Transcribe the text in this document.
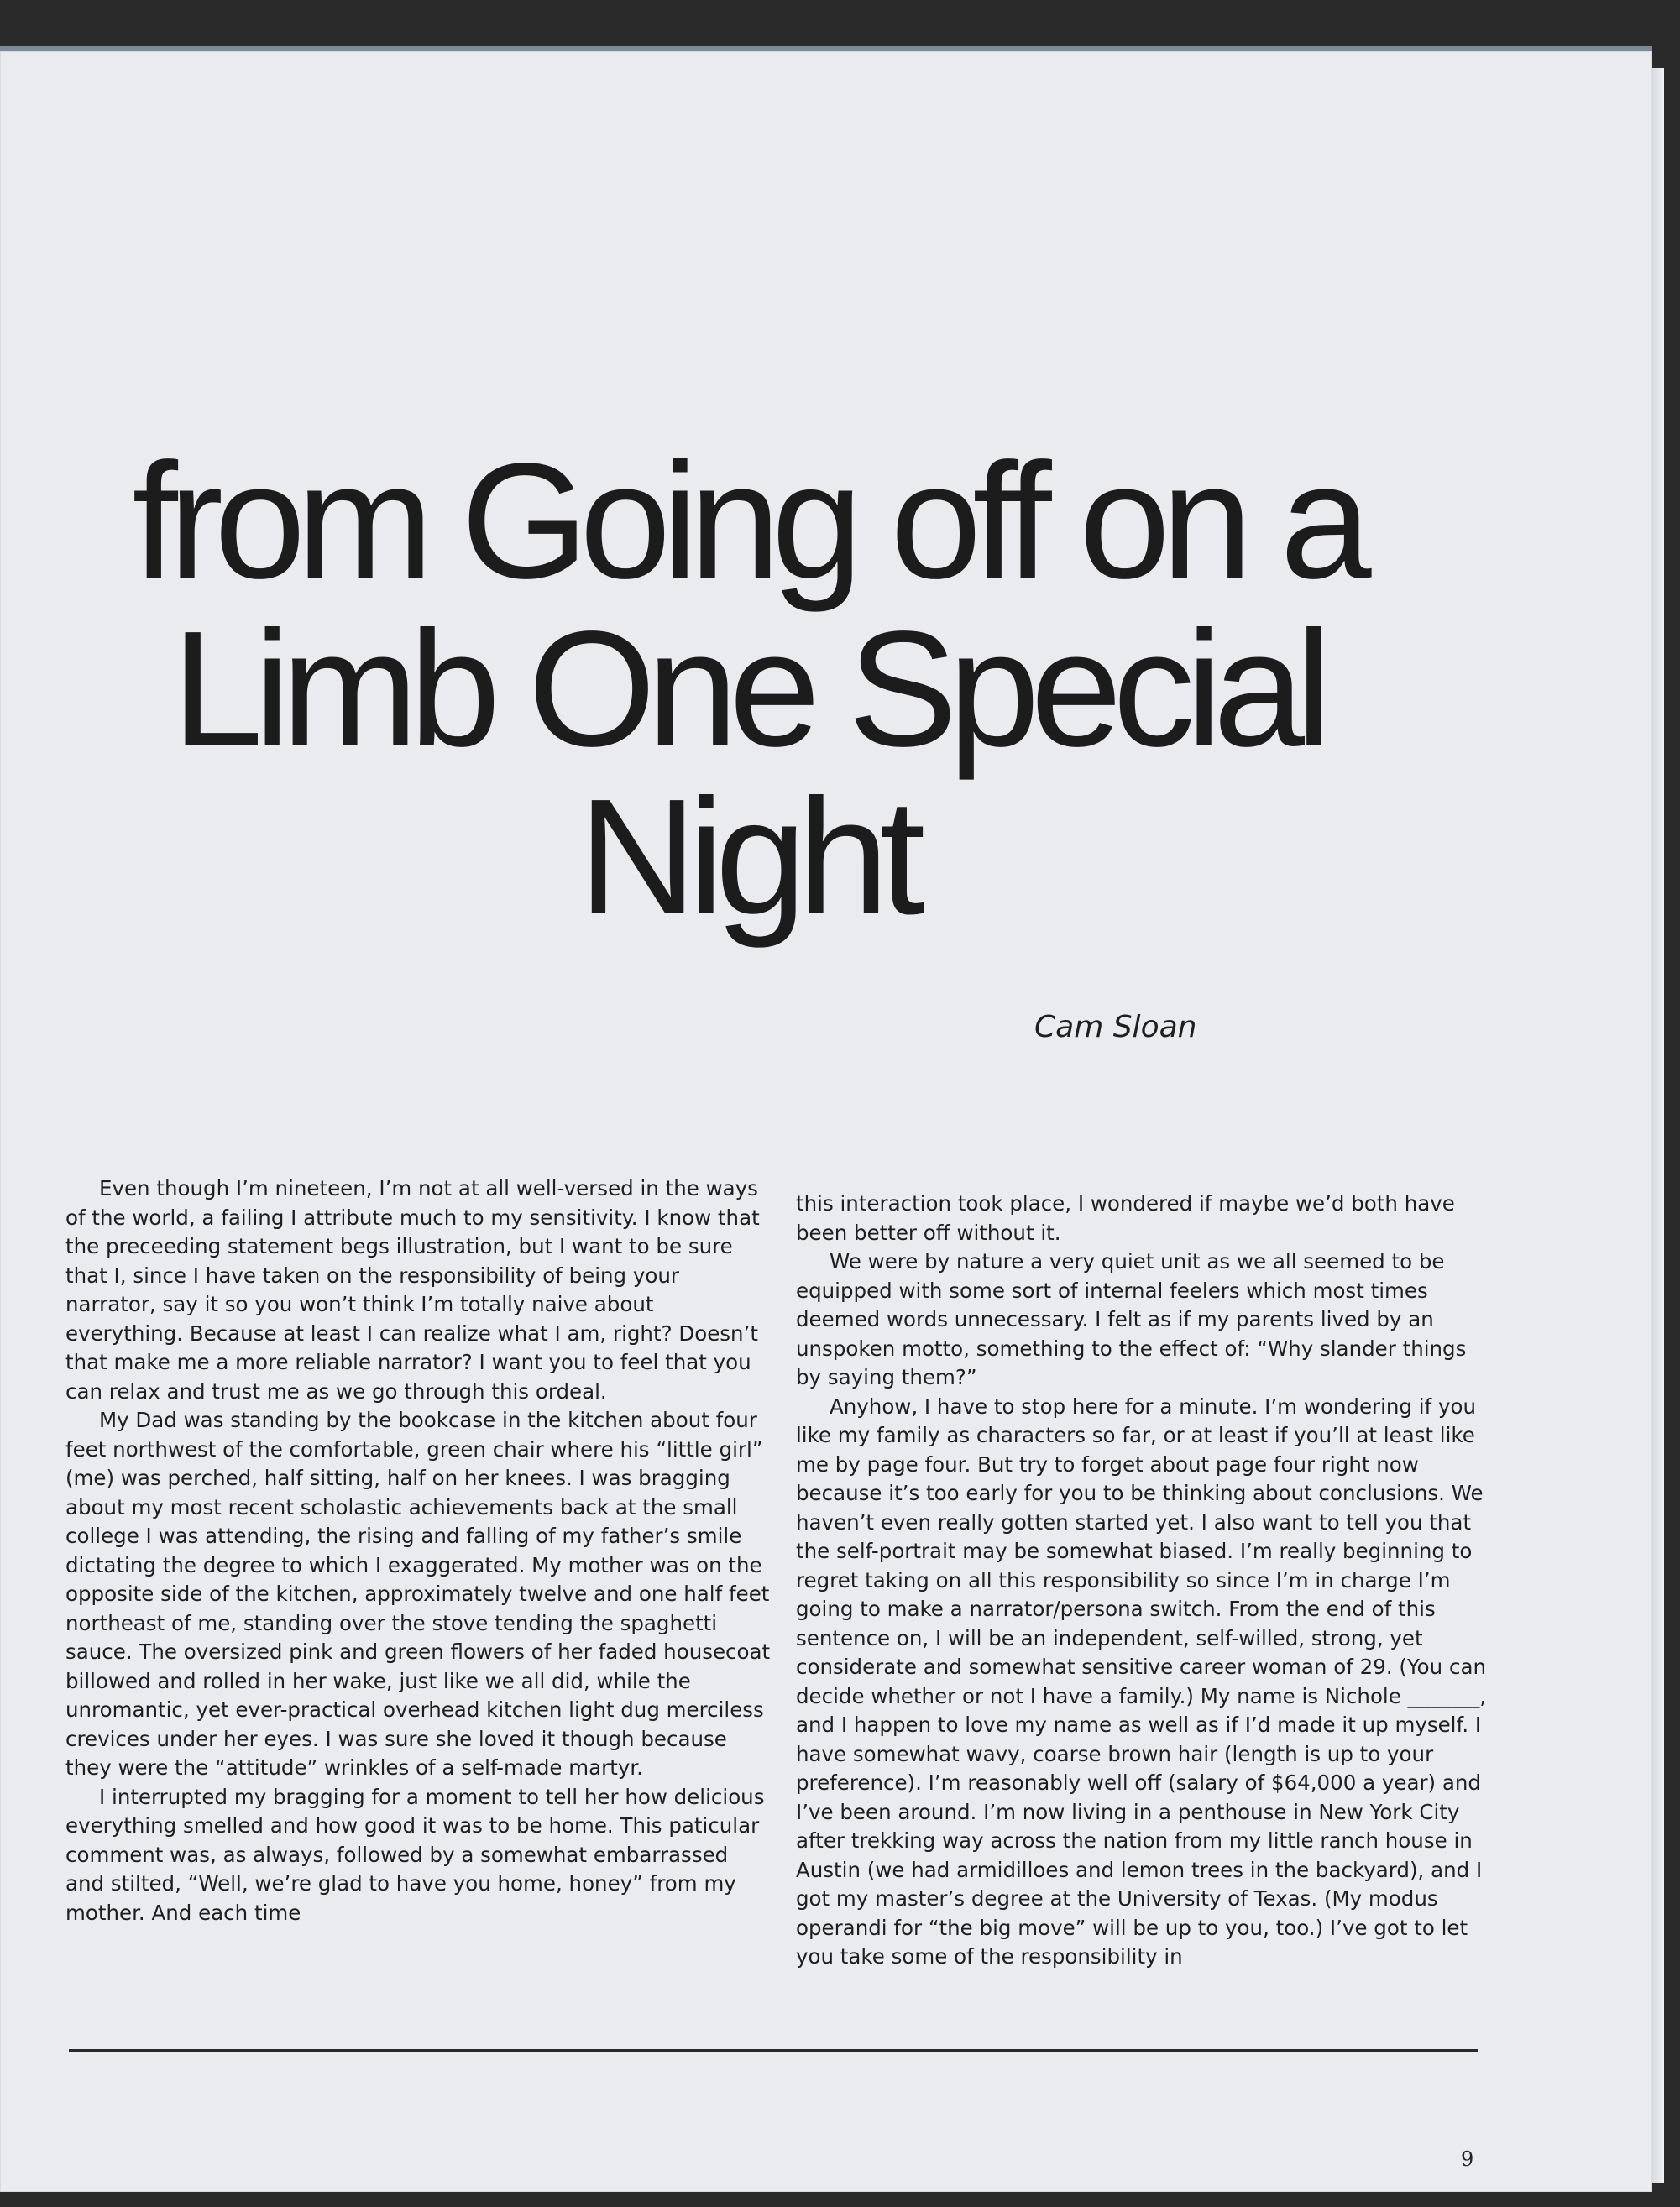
from Going off on a
Limb One Special
Night
Cam Sloan

Even though I’m nineteen, I’m not at all well-versed in the ways of the world, a failing I attribute much to my sensitivity. I know that the preceeding statement begs illustration, but I want to be sure that I, since I have taken on the responsibility of being your narrator, say it so you won’t think I’m totally naive about everything. Because at least I can realize what I am, right? Doesn’t that make me a more reliable narrator? I want you to feel that you can relax and trust me as we go through this ordeal.

My Dad was standing by the bookcase in the kitchen about four feet northwest of the comfortable, green chair where his “little girl” (me) was perched, half sitting, half on her knees. I was bragging about my most recent scholastic achievements back at the small college I was attending, the rising and falling of my father’s smile dictating the degree to which I exaggerated. My mother was on the opposite side of the kitchen, approximately twelve and one half feet northeast of me, standing over the stove tending the spaghetti sauce. The oversized pink and green flowers of her faded housecoat billowed and rolled in her wake, just like we all did, while the unromantic, yet ever-practical overhead kitchen light dug merciless crevices under her eyes. I was sure she loved it though because they were the “attitude” wrinkles of a self-made martyr.

I interrupted my bragging for a moment to tell her how delicious everything smelled and how good it was to be home. This paticular comment was, as always, followed by a somewhat embarrassed and stilted, “Well, we’re glad to have you home, honey” from my mother. And each time

this interaction took place, I wondered if maybe we’d both have been better off without it.

We were by nature a very quiet unit as we all seemed to be equipped with some sort of internal feelers which most times deemed words unnecessary. I felt as if my parents lived by an unspoken motto, something to the effect of: “Why slander things by saying them?”

Anyhow, I have to stop here for a minute. I’m wondering if you like my family as characters so far, or at least if you’ll at least like me by page four. But try to forget about page four right now because it’s too early for you to be thinking about conclusions. We haven’t even really gotten started yet. I also want to tell you that the self-portrait may be somewhat biased. I’m really beginning to regret taking on all this responsibility so since I’m in charge I’m going to make a narrator/persona switch. From the end of this sentence on, I will be an independent, self-willed, strong, yet considerate and somewhat sensitive career woman of 29. (You can decide whether or not I have a family.) My name is Nichole _______, and I happen to love my name as well as if I’d made it up myself. I have somewhat wavy, coarse brown hair (length is up to your preference). I’m reasonably well off (salary of $64,000 a year) and I’ve been around. I’m now living in a penthouse in New York City after trekking way across the nation from my little ranch house in Austin (we had armidilloes and lemon trees in the backyard), and I got my master’s degree at the University of Texas. (My modus operandi for “the big move” will be up to you, too.) I’ve got to let you take some of the responsibility in

9
